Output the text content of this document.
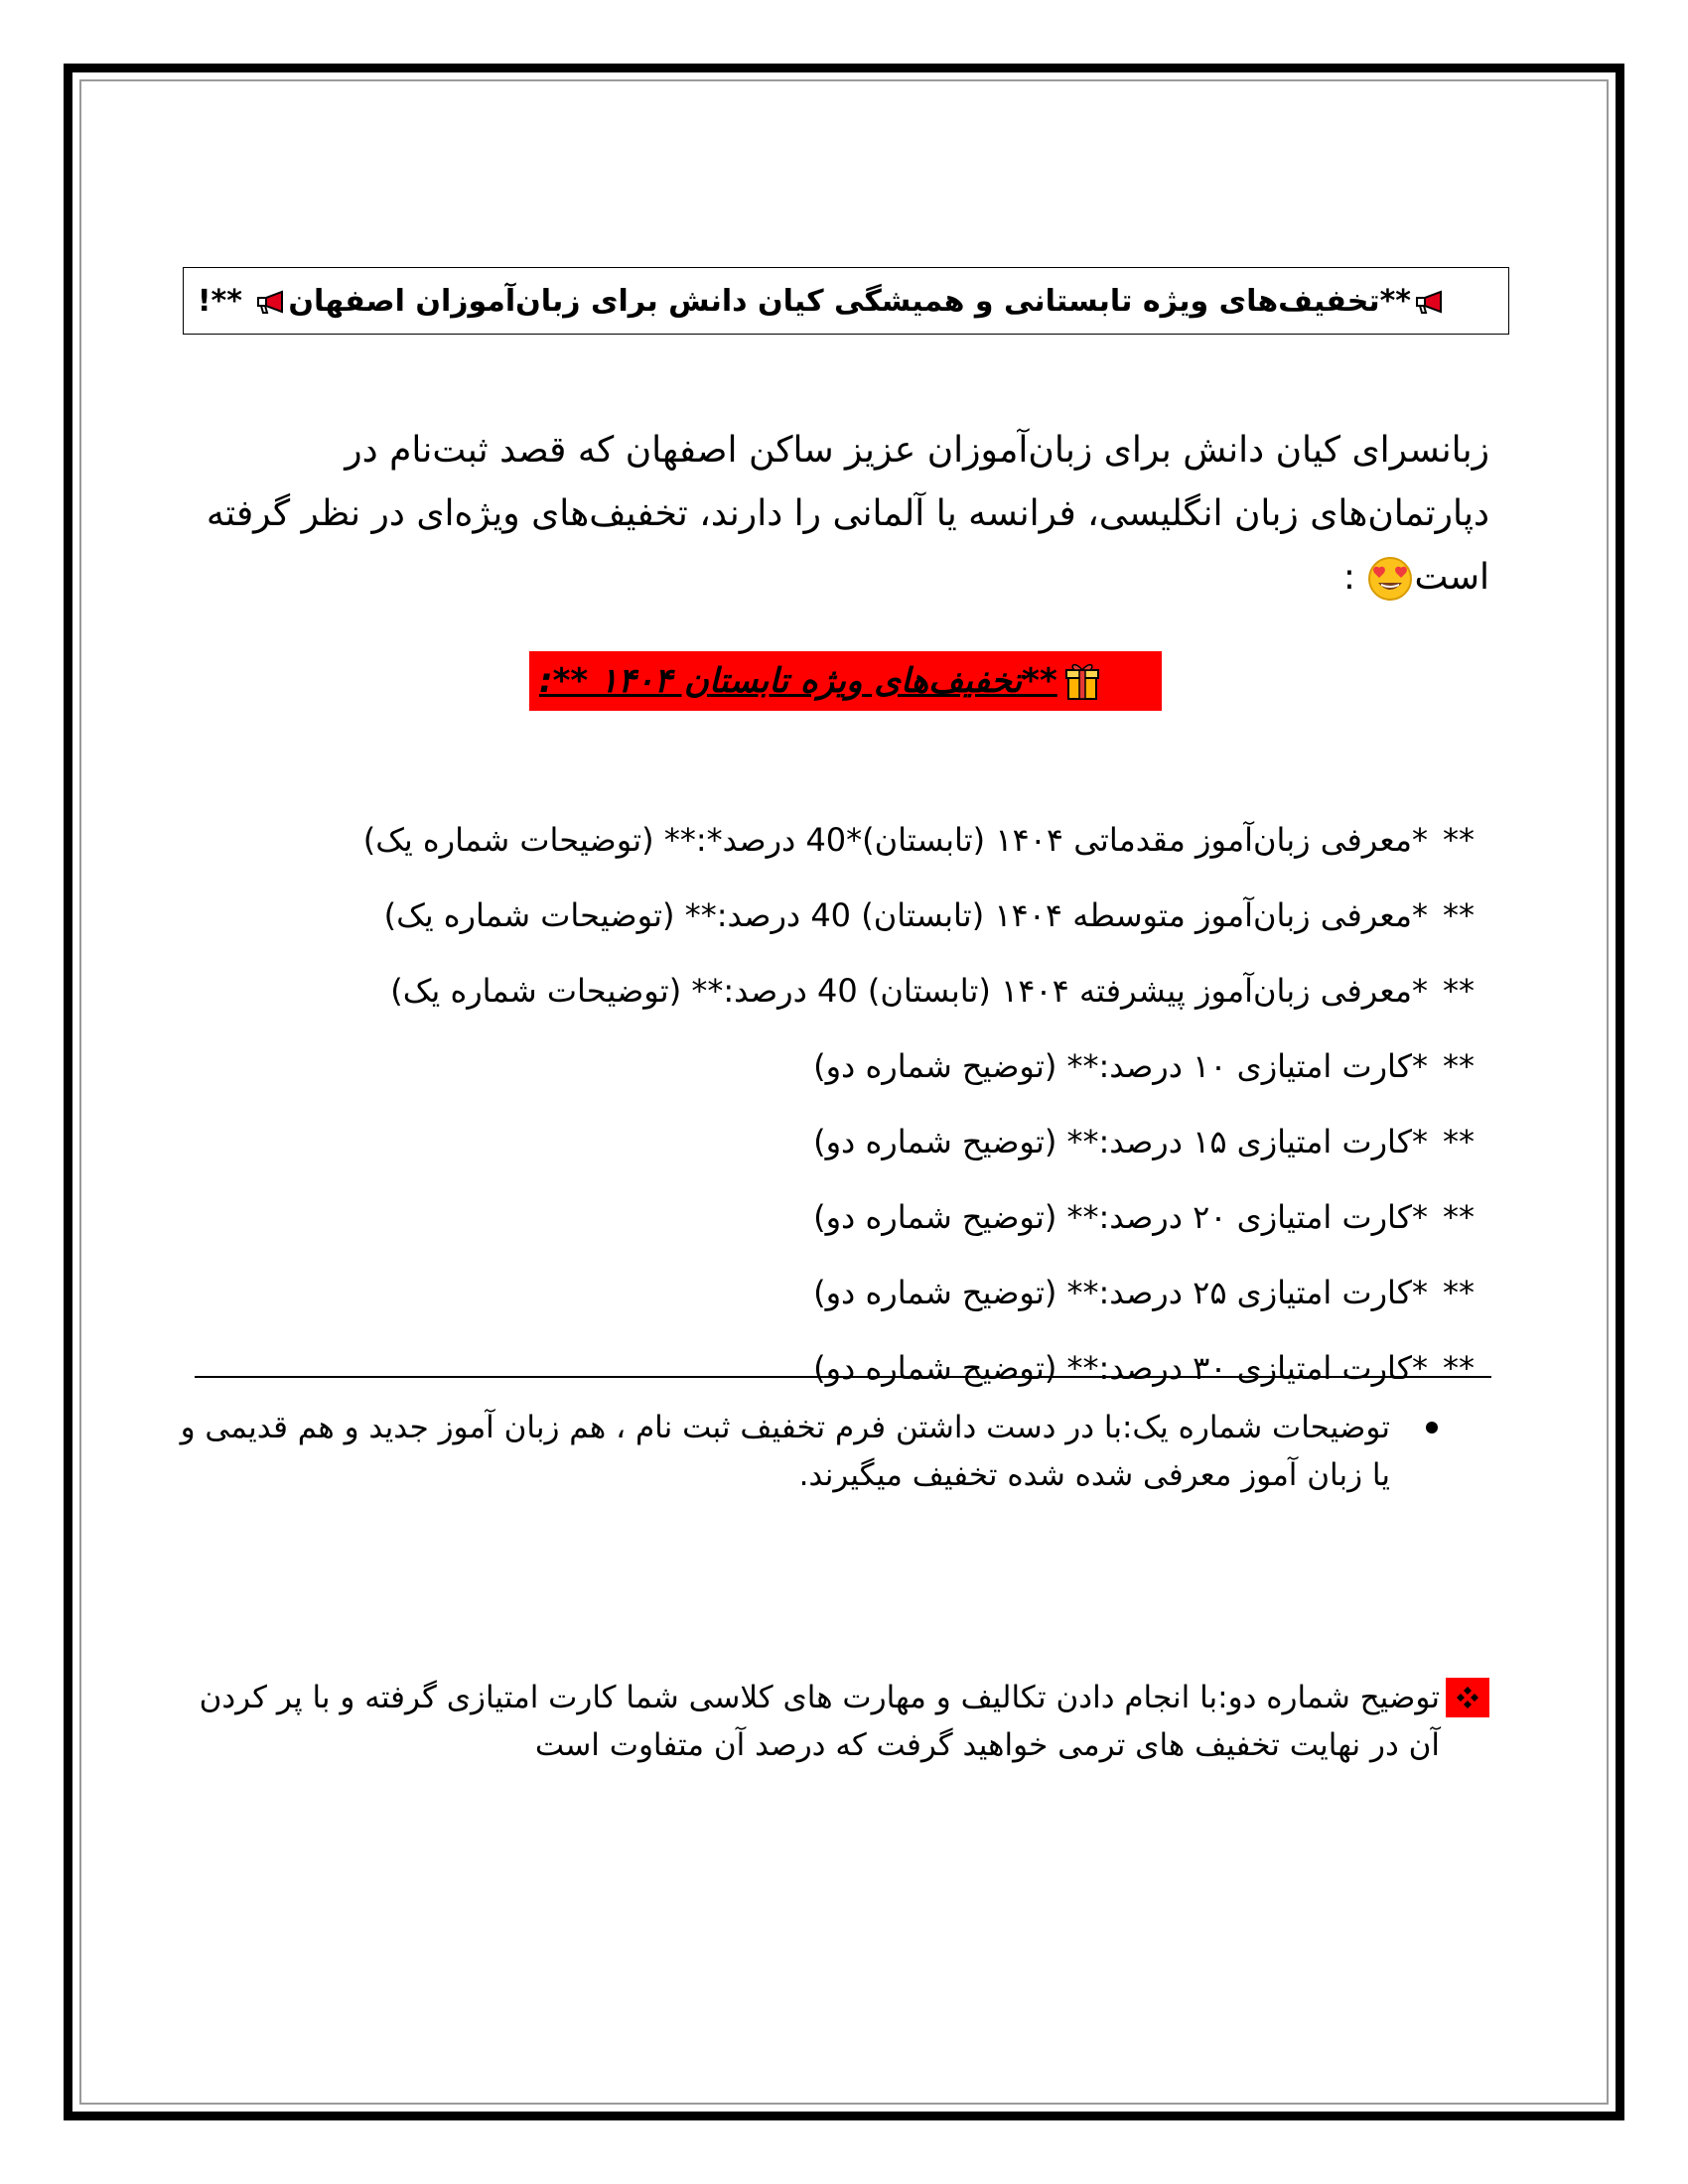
**تخفیف‌های ویژه تابستانی و همیشگی کیان دانش برای زبان‌آموزان اصفهان **!
زبانسرای کیان دانش برای زبان‌آموزان عزیز ساکن اصفهان که قصد ثبت‌نام در دپارتمان‌های زبان انگلیسی، فرانسه یا آلمانی را دارند، تخفیف‌های ویژه‌ای در نظر گرفته است :
**تخفیف‌های ویژه تابستان ۱۴۰۴ **:
**
*معرفی زبان‌آموز مقدماتی ۱۴۰۴ (تابستان)*40 درصد*:** (توضیحات شماره یک)
**
*معرفی زبان‌آموز متوسطه ۱۴۰۴ (تابستان) 40 درصد:** (توضیحات شماره یک)
**
*معرفی زبان‌آموز پیشرفته ۱۴۰۴ (تابستان) 40 درصد:** (توضیحات شماره یک)
**
*کارت امتیازی ۱۰ درصد:** (توضیح شماره دو)
**
*کارت امتیازی ۱۵ درصد:** (توضیح شماره دو)
**
*کارت امتیازی ۲۰ درصد:** (توضیح شماره دو)
**
*کارت امتیازی ۲۵ درصد:** (توضیح شماره دو)
**
*کارت امتیازی ۳۰ درصد:** (توضیح شماره دو)
توضیحات شماره یک:با در دست داشتن فرم تخفیف ثبت نام ، هم زبان آموز جدید و هم قدیمی و یا زبان آموز معرفی شده شده تخفیف میگیرند.
توضیح شماره دو:با انجام دادن تکالیف و مهارت های کلاسی شما کارت امتیازی گرفته و با پر کردن آن در نهایت تخفیف های ترمی خواهید گرفت که درصد آن متفاوت است
